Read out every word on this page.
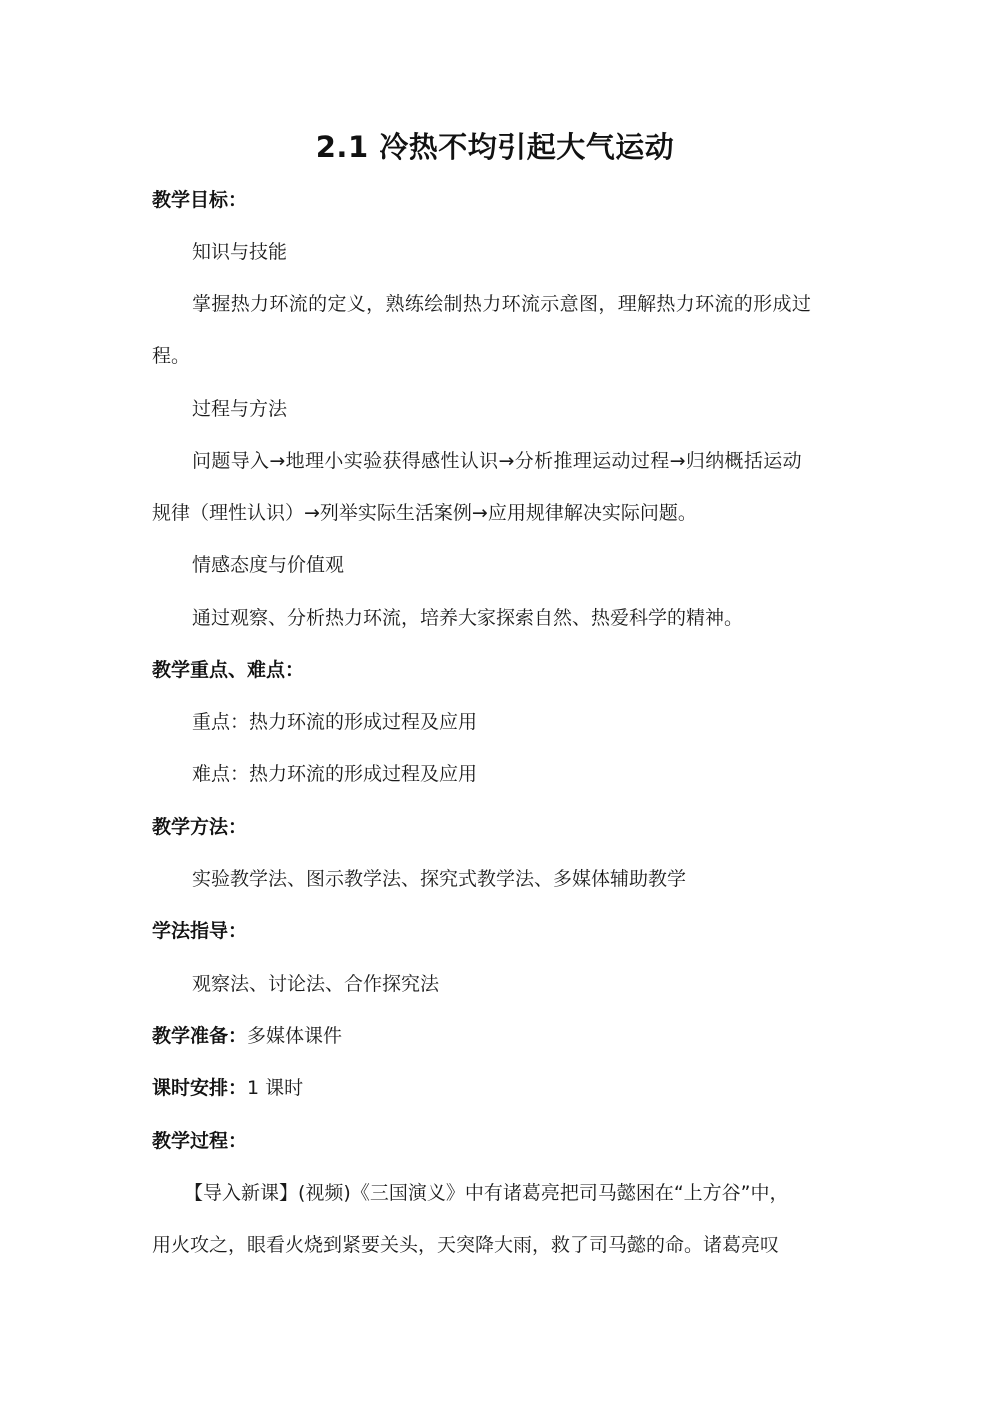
2.1 冷热不均引起大气运动
教学目标：
知识与技能
掌握热力环流的定义，熟练绘制热力环流示意图，理解热力环流的形成过
程。
过程与方法
问题导入→地理小实验获得感性认识→分析推理运动过程→归纳概括运动
规律（理性认识）→列举实际生活案例→应用规律解决实际问题。
情感态度与价值观
通过观察、分析热力环流，培养大家探索自然、热爱科学的精神。
教学重点、难点：
重点：热力环流的形成过程及应用
难点：热力环流的形成过程及应用
教学方法：
实验教学法、图示教学法、探究式教学法、多媒体辅助教学
学法指导：
观察法、讨论法、合作探究法
教学准备：多媒体课件
课时安排：1 课时
教学过程：
【导入新课】(视频)《三国演义》中有诸葛亮把司马懿困在“上方谷”中，
用火攻之，眼看火烧到紧要关头，天突降大雨，救了司马懿的命。诸葛亮叹
